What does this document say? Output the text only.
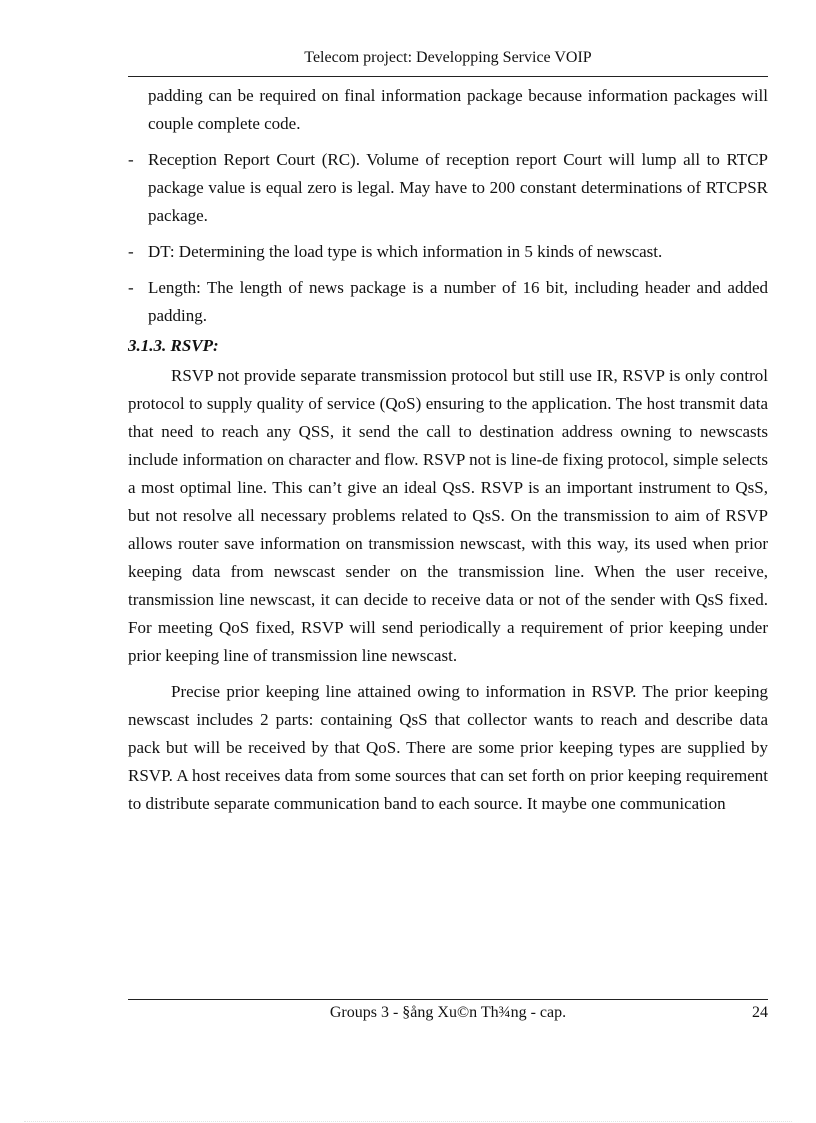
Telecom project: Developping Service VOIP

padding can be required on final information package because information packages will couple complete code.

- Reception Report Court (RC). Volume of reception report Court will lump all to RTCP package value is equal zero is legal. May have to 200 constant determinations of RTCPSR package.
- DT: Determining the load type is which information in 5 kinds of newscast.
- Length: The length of news package is a number of 16 bit, including header and added padding.

3.1.3. RSVP:

RSVP not provide separate transmission protocol but still use IR, RSVP is only control protocol to supply quality of service (QoS) ensuring to the application. The host transmit data that need to reach any QSS, it send the call to destination address owning to newscasts include information on character and flow. RSVP not is line-de fixing protocol, simple selects a most optimal line. This can’t give an ideal QsS. RSVP is an important instrument to QsS, but not resolve all necessary problems related to QsS. On the transmission to aim of RSVP allows router save information on transmission newscast, with this way, its used when prior keeping data from newscast sender on the transmission line. When the user receive, transmission line newscast, it can decide to receive data or not of the sender with QsS fixed. For meeting QoS fixed, RSVP will send periodically a requirement of prior keeping under prior keeping line of transmission line newscast.

Precise prior keeping line attained owing to information in RSVP. The prior keeping newscast includes 2 parts: containing QsS that collector wants to reach and describe data pack but will be received by that QoS. There are some prior keeping types are supplied by RSVP. A host receives data from some sources that can set forth on prior keeping requirement to distribute separate communication band to each source. It maybe one communication

Groups 3 - §ång Xu©n Th¾ng - cap.	24
